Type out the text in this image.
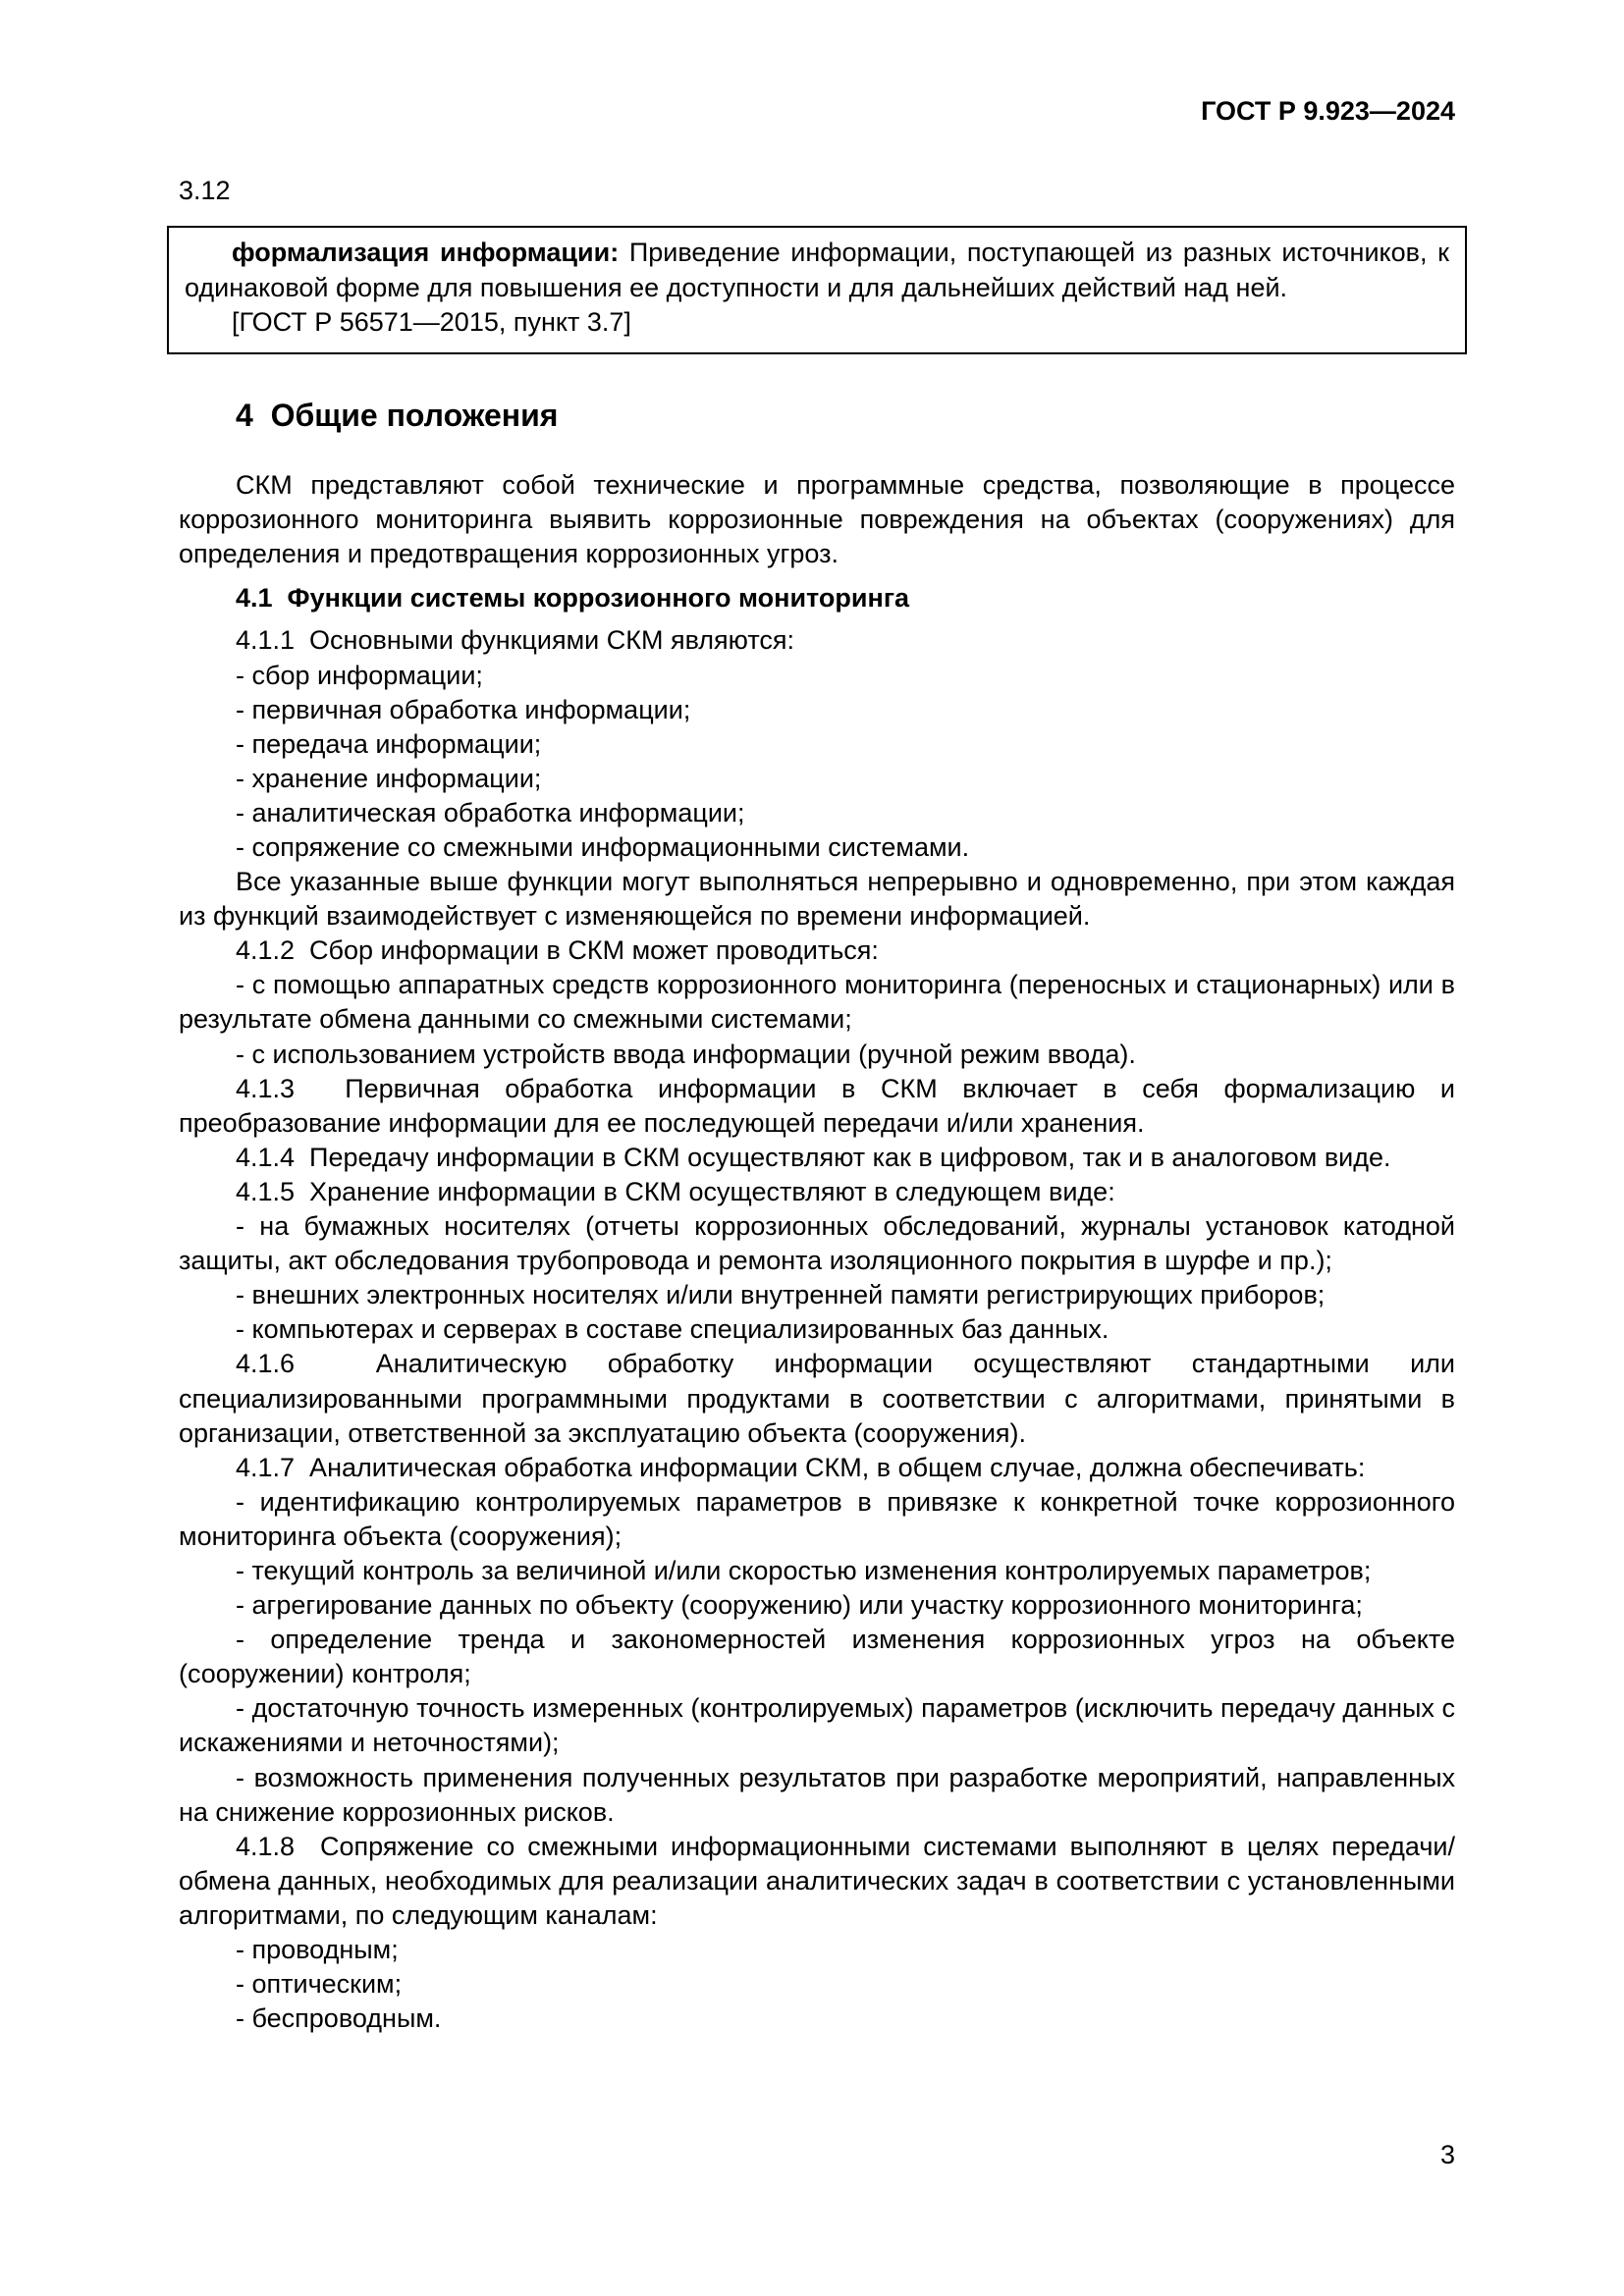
ГОСТ Р 9.923—2024

3.12

формализация информации: Приведение информации, поступающей из разных источников, к одинаковой форме для повышения ее доступности и для дальнейших действий над ней.

[ГОСТ Р 56571—2015, пункт 3.7]

4  Общие положения

СКМ представляют собой технические и программные средства, позволяющие в процессе коррозионного мониторинга выявить коррозионные повреждения на объектах (сооружениях) для определения и предотвращения коррозионных угроз.

4.1  Функции системы коррозионного мониторинга

4.1.1  Основными функциями СКМ являются:

- сбор информации;

- первичная обработка информации;

- передача информации;

- хранение информации;

- аналитическая обработка информации;

- сопряжение со смежными информационными системами.

Все указанные выше функции могут выполняться непрерывно и одновременно, при этом каждая из функций взаимодействует с изменяющейся по времени информацией.

4.1.2  Сбор информации в СКМ может проводиться:

- с помощью аппаратных средств коррозионного мониторинга (переносных и стационарных) или в результате обмена данными со смежными системами;

- с использованием устройств ввода информации (ручной режим ввода).

4.1.3  Первичная обработка информации в СКМ включает в себя формализацию и преобразование информации для ее последующей передачи и/или хранения.

4.1.4  Передачу информации в СКМ осуществляют как в цифровом, так и в аналоговом виде.

4.1.5  Хранение информации в СКМ осуществляют в следующем виде:

- на бумажных носителях (отчеты коррозионных обследований, журналы установок катодной защиты, акт обследования трубопровода и ремонта изоляционного покрытия в шурфе и пр.);

- внешних электронных носителях и/или внутренней памяти регистрирующих приборов;

- компьютерах и серверах в составе специализированных баз данных.

4.1.6  Аналитическую обработку информации осуществляют стандартными или специализированными программными продуктами в соответствии с алгоритмами, принятыми в организации, ответственной за эксплуатацию объекта (сооружения).

4.1.7  Аналитическая обработка информации СКМ, в общем случае, должна обеспечивать:

- идентификацию контролируемых параметров в привязке к конкретной точке коррозионного мониторинга объекта (сооружения);

- текущий контроль за величиной и/или скоростью изменения контролируемых параметров;

- агрегирование данных по объекту (сооружению) или участку коррозионного мониторинга;

- определение тренда и закономерностей изменения коррозионных угроз на объекте (сооружении) контроля;

- достаточную точность измеренных (контролируемых) параметров (исключить передачу данных с искажениями и неточностями);

- возможность применения полученных результатов при разработке мероприятий, направленных на снижение коррозионных рисков.

4.1.8  Сопряжение со смежными информационными системами выполняют в целях передачи/обмена данных, необходимых для реализации аналитических задач в соответствии с установленными алгоритмами, по следующим каналам:

- проводным;

- оптическим;

- беспроводным.

3
